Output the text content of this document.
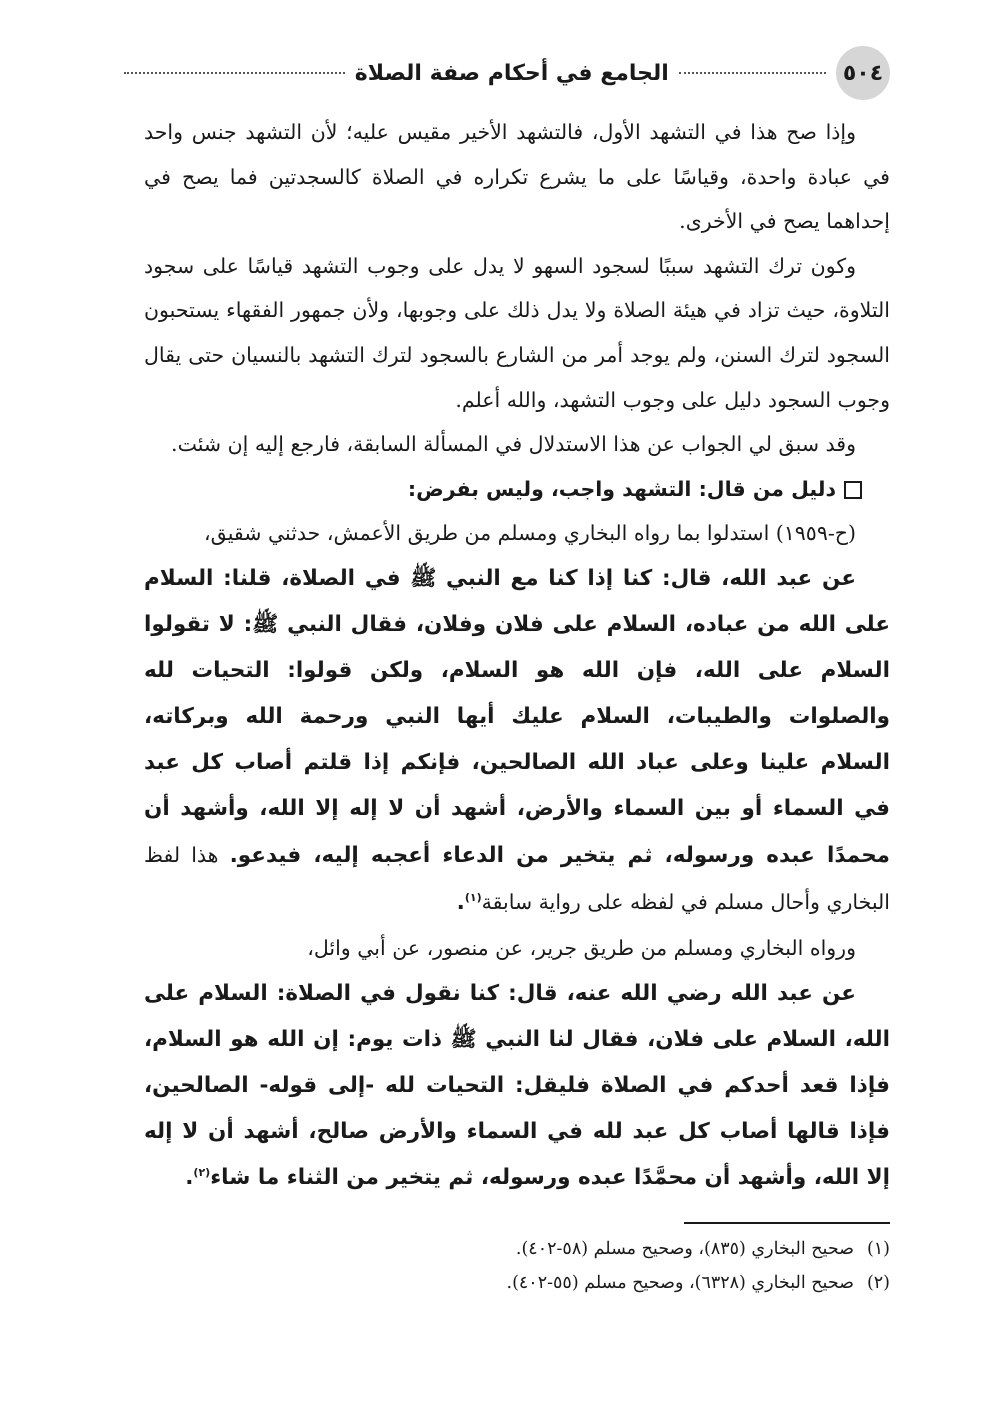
٥٠٤
الجامع في أحكام صفة الصلاة

وإذا صح هذا في التشهد الأول، فالتشهد الأخير مقيس عليه؛ لأن التشهد جنس واحد في عبادة واحدة، وقياسًا على ما يشرع تكراره في الصلاة كالسجدتين فما يصح في إحداهما يصح في الأخرى.

وكون ترك التشهد سببًا لسجود السهو لا يدل على وجوب التشهد قياسًا على سجود التلاوة، حيث تزاد في هيئة الصلاة ولا يدل ذلك على وجوبها، ولأن جمهور الفقهاء يستحبون السجود لترك السنن، ولم يوجد أمر من الشارع بالسجود لترك التشهد بالنسيان حتى يقال وجوب السجود دليل على وجوب التشهد، والله أعلم.

وقد سبق لي الجواب عن هذا الاستدلال في المسألة السابقة، فارجع إليه إن شئت.

دليل من قال: التشهد واجب، وليس بفرض:

(ح-١٩٥٩) استدلوا بما رواه البخاري ومسلم من طريق الأعمش، حدثني شقيق،

عن عبد الله، قال: كنا إذا كنا مع النبي ﷺ في الصلاة، قلنا: السلام على الله من عباده، السلام على فلان وفلان، فقال النبي ﷺ: لا تقولوا السلام على الله، فإن الله هو السلام، ولكن قولوا: التحيات لله والصلوات والطيبات، السلام عليك أيها النبي ورحمة الله وبركاته، السلام علينا وعلى عباد الله الصالحين، فإنكم إذا قلتم أصاب كل عبد في السماء أو بين السماء والأرض، أشهد أن لا إله إلا الله، وأشهد أن محمدًا عبده ورسوله، ثم يتخير من الدعاء أعجبه إليه، فيدعو. هذا لفظ البخاري وأحال مسلم في لفظه على رواية سابقة$^{(١)}$.

ورواه البخاري ومسلم من طريق جرير، عن منصور، عن أبي وائل،

عن عبد الله رضي الله عنه، قال: كنا نقول في الصلاة: السلام على الله، السلام على فلان، فقال لنا النبي ﷺ ذات يوم: إن الله هو السلام، فإذا قعد أحدكم في الصلاة فليقل: التحيات لله -إلى قوله- الصالحين، فإذا قالها أصاب كل عبد لله في السماء والأرض صالح، أشهد أن لا إله إلا الله، وأشهد أن محمَّدًا عبده ورسوله، ثم يتخير من الثناء ما شاء$^{(٢)}$.

(١)صحيح البخاري (٨٣٥)، وصحيح مسلم (٥٨-٤٠٢).
(٢)صحيح البخاري (٦٣٢٨)، وصحيح مسلم (٥٥-٤٠٢).
